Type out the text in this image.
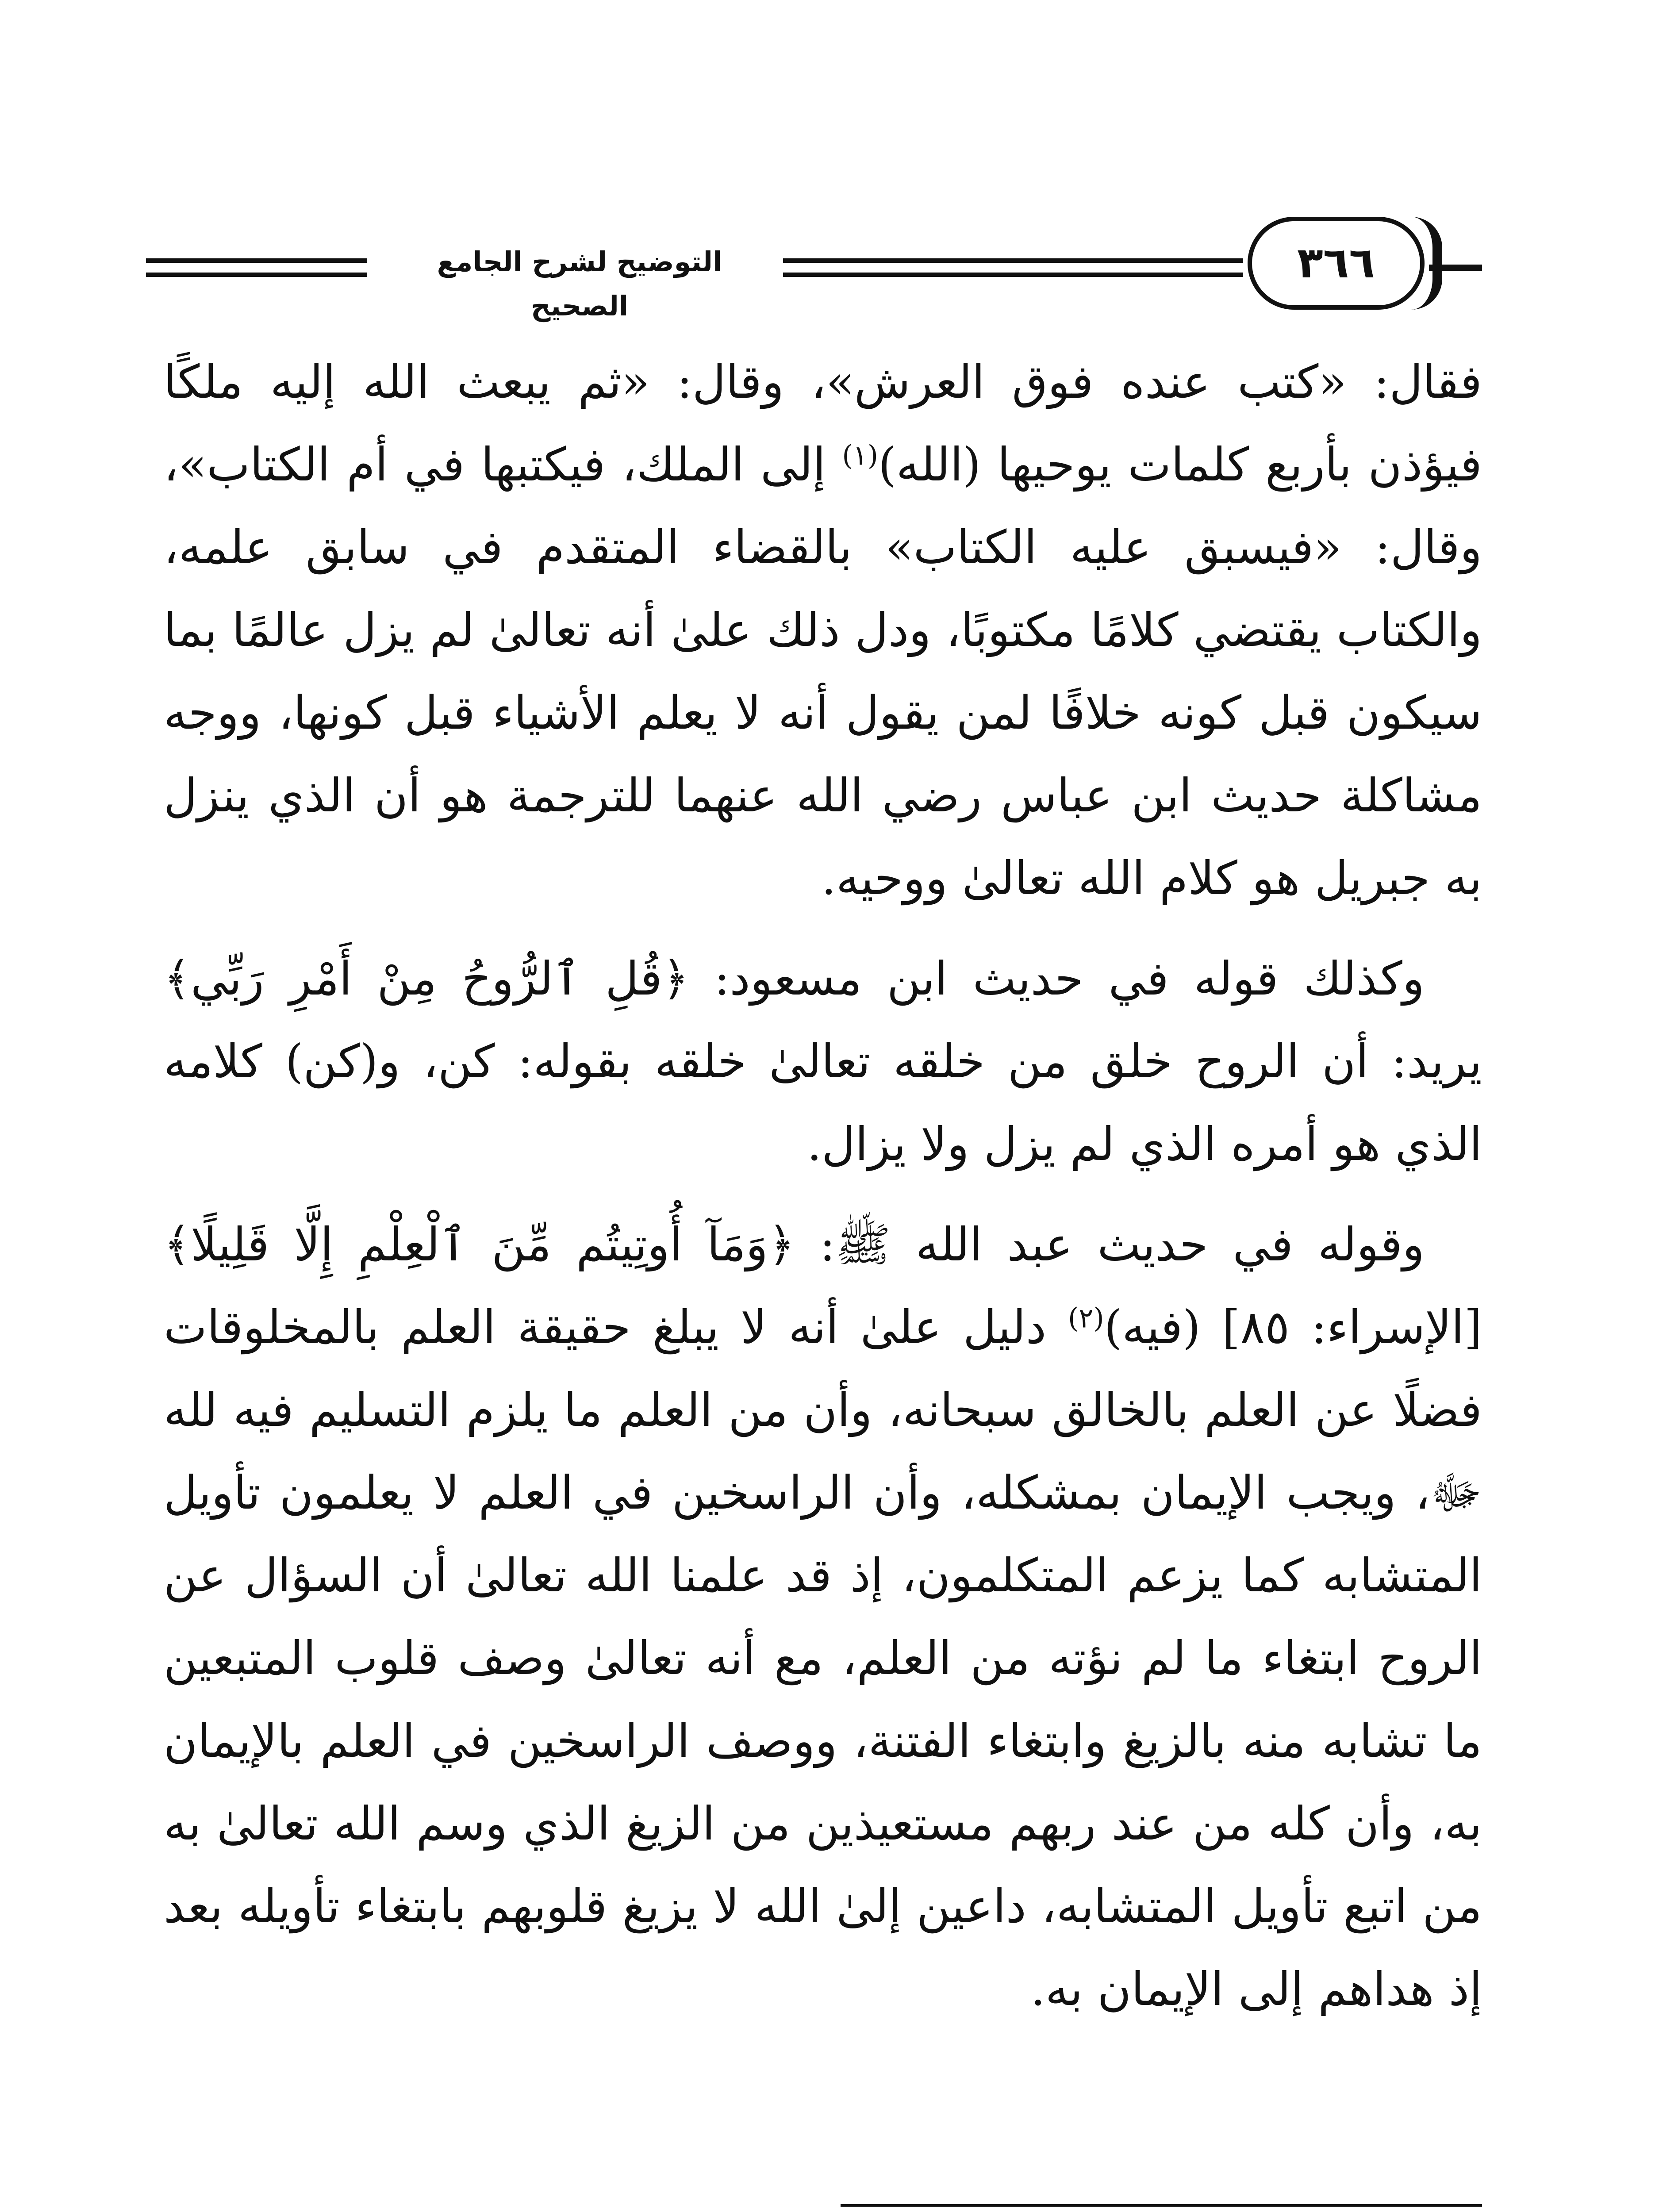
التوضيح لشرح الجامع الصحيح
٣٦٦

فقال: «كتب عنده فوق العرش»، وقال: «ثم يبعث الله إليه ملكًا فيؤذن بأربع كلمات يوحيها (الله)$^{(١)}$ إلى الملك، فيكتبها في أم الكتاب»، وقال: «فيسبق عليه الكتاب» بالقضاء المتقدم في سابق علمه، والكتاب يقتضي كلامًا مكتوبًا، ودل ذلك علىٰ أنه تعالىٰ لم يزل عالمًا بما سيكون قبل كونه خلافًا لمن يقول أنه لا يعلم الأشياء قبل كونها، ووجه مشاكلة حديث ابن عباس رضي الله عنهما للترجمة هو أن الذي ينزل به جبريل هو كلام الله تعالىٰ ووحيه.

وكذلك قوله في حديث ابن مسعود: ﴿قُلِ ٱلرُّوحُ مِنْ أَمْرِ رَبِّي﴾ يريد: أن الروح خلق من خلقه تعالىٰ خلقه بقوله: كن، و(كن) كلامه الذي هو أمره الذي لم يزل ولا يزال.

وقوله في حديث عبد الله ﷺ: ﴿وَمَآ أُوتِيتُم مِّنَ ٱلْعِلْمِ إِلَّا قَلِيلًا﴾ [الإسراء: ٨٥] (فيه)$^{(٢)}$ دليل علىٰ أنه لا يبلغ حقيقة العلم بالمخلوقات فضلًا عن العلم بالخالق سبحانه، وأن من العلم ما يلزم التسليم فيه لله ﷻ، ويجب الإيمان بمشكله، وأن الراسخين في العلم لا يعلمون تأويل المتشابه كما يزعم المتكلمون، إذ قد علمنا الله تعالىٰ أن السؤال عن الروح ابتغاء ما لم نؤته من العلم، مع أنه تعالىٰ وصف قلوب المتبعين ما تشابه منه بالزيغ وابتغاء الفتنة، ووصف الراسخين في العلم بالإيمان به، وأن كله من عند ربهم مستعيذين من الزيغ الذي وسم الله تعالىٰ به من اتبع تأويل المتشابه، داعين إلىٰ الله لا يزيغ قلوبهم بابتغاء تأويله بعد إذ هداهم إلى الإيمان به.
